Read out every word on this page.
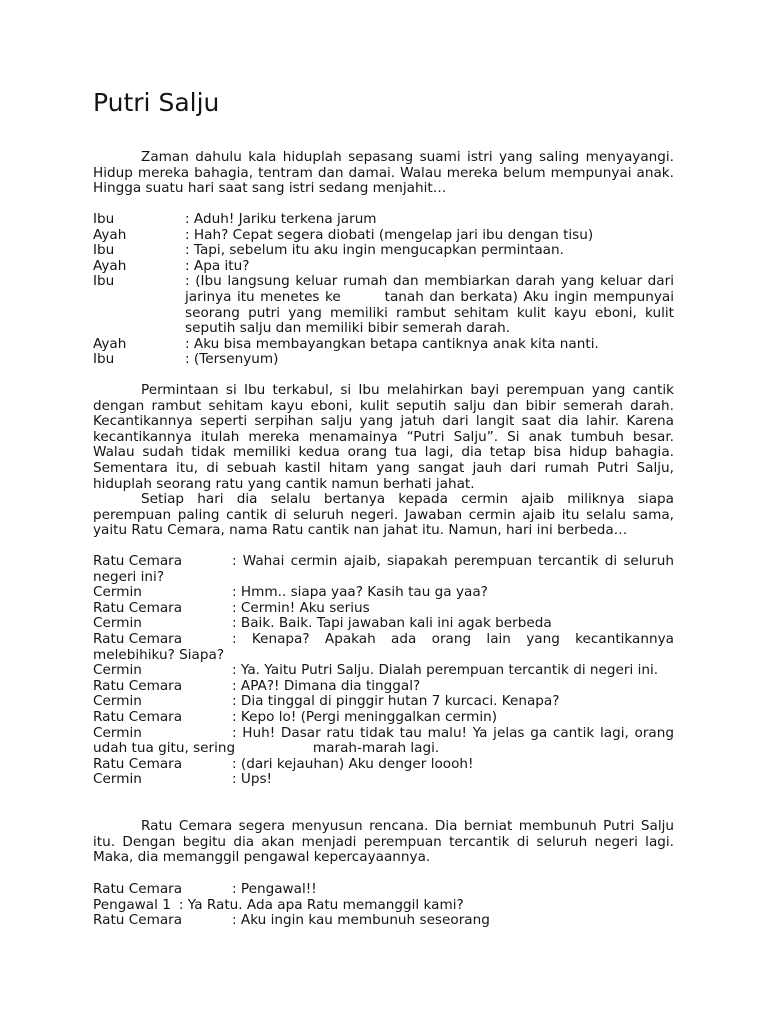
Putri Salju

Zaman dahulu kala hiduplah sepasang suami istri yang saling menyayangi. Hidup mereka bahagia, tentram dan damai. Walau mereka belum mempunyai anak. Hingga suatu hari saat sang istri sedang menjahit…

Ibu	: Aduh! Jariku terkena jarum
Ayah	: Hah? Cepat segera diobati (mengelap jari ibu dengan tisu)
Ibu	: Tapi, sebelum itu aku ingin mengucapkan permintaan.
Ayah	: Apa itu?
Ibu	: (Ibu langsung keluar rumah dan membiarkan darah yang keluar dari jarinya itu menetes ke        tanah dan berkata) Aku ingin mempunyai seorang putri yang memiliki rambut sehitam kulit kayu eboni, kulit seputih salju dan memiliki bibir semerah darah.
Ayah	: Aku bisa membayangkan betapa cantiknya anak kita nanti.
Ibu	: (Tersenyum)

Permintaan si Ibu terkabul, si Ibu melahirkan bayi perempuan yang cantik dengan rambut sehitam kayu eboni, kulit seputih salju dan bibir semerah darah. Kecantikannya seperti serpihan salju yang jatuh dari langit saat dia lahir. Karena kecantikannya itulah mereka menamainya “Putri Salju”. Si anak tumbuh besar. Walau sudah tidak memiliki kedua orang tua lagi, dia tetap bisa hidup bahagia. Sementara itu, di sebuah kastil hitam yang sangat jauh dari rumah Putri Salju, hiduplah seorang ratu yang cantik namun berhati jahat.

Setiap hari dia selalu bertanya kepada cermin ajaib miliknya siapa perempuan paling cantik di seluruh negeri. Jawaban cermin ajaib itu selalu sama, yaitu Ratu Cemara, nama Ratu cantik nan jahat itu. Namun, hari ini berbeda…

Ratu Cemara	: Wahai cermin ajaib, siapakah perempuan tercantik di seluruh negeri ini?
Cermin	: Hmm.. siapa yaa? Kasih tau ga yaa?
Ratu Cemara	: Cermin! Aku serius
Cermin	: Baik. Baik. Tapi jawaban kali ini agak berbeda
Ratu Cemara	: Kenapa? Apakah ada orang lain yang kecantikannya melebihiku? Siapa?
Cermin	: Ya. Yaitu Putri Salju. Dialah perempuan tercantik di negeri ini.
Ratu Cemara	: APA?! Dimana dia tinggal?
Cermin	: Dia tinggal di pinggir hutan 7 kurcaci. Kenapa?
Ratu Cemara	: Kepo lo! (Pergi meninggalkan cermin)
Cermin	: Huh! Dasar ratu tidak tau malu! Ya jelas ga cantik lagi, orang udah tua gitu, sering                  marah-marah lagi.
Ratu Cemara	: (dari kejauhan) Aku denger loooh!
Cermin	: Ups!

Ratu Cemara segera menyusun rencana. Dia berniat membunuh Putri Salju itu. Dengan begitu dia akan menjadi perempuan tercantik di seluruh negeri lagi. Maka, dia memanggil pengawal kepercayaannya.

Ratu Cemara	: Pengawal!!
Pengawal 1 : Ya Ratu. Ada apa Ratu memanggil kami?
Ratu Cemara	: Aku ingin kau membunuh seseorang
